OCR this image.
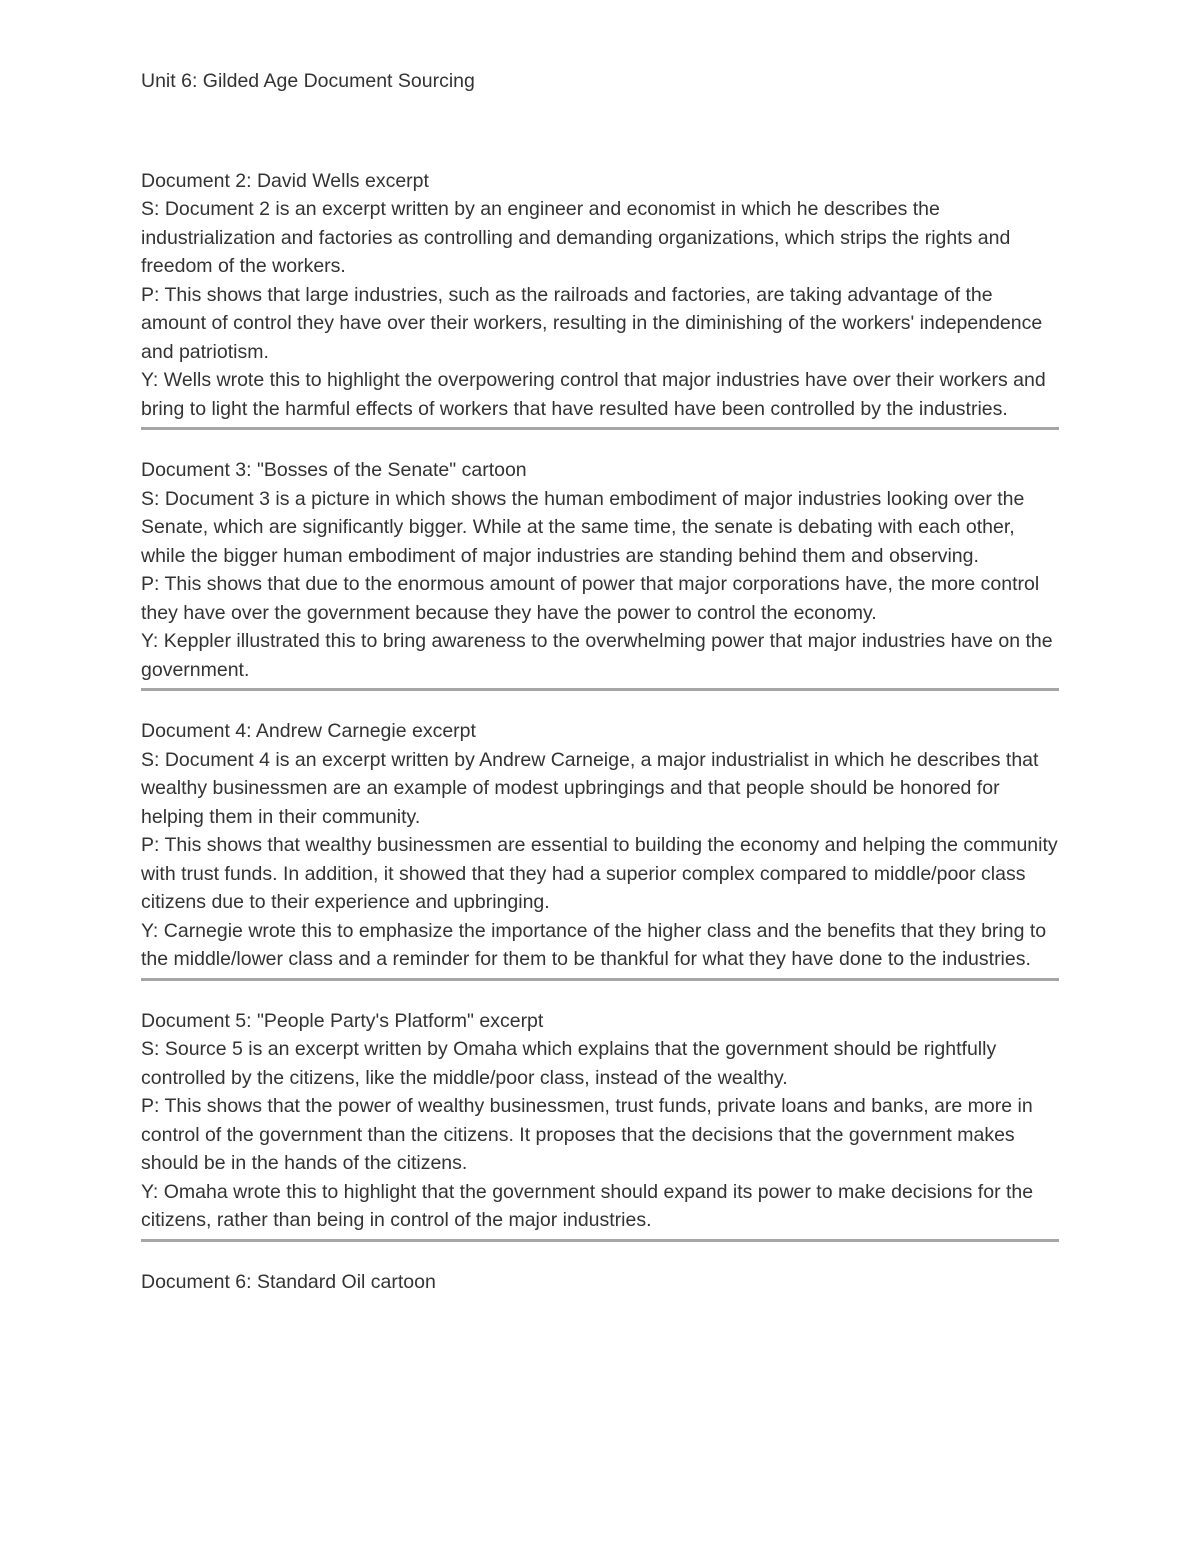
Unit 6: Gilded Age Document Sourcing

Document 2: David Wells excerpt

S: Document 2 is an excerpt written by an engineer and economist in which he describes the industrialization and factories as controlling and demanding organizations, which strips the rights and freedom of the workers.

P: This shows that large industries, such as the railroads and factories, are taking advantage of the amount of control they have over their workers, resulting in the diminishing of the workers' independence and patriotism.

Y: Wells wrote this to highlight the overpowering control that major industries have over their workers and bring to light the harmful effects of workers that have resulted have been controlled by the industries.

Document 3: "Bosses of the Senate" cartoon

S: Document 3 is a picture in which shows the human embodiment of major industries looking over the Senate, which are significantly bigger. While at the same time, the senate is debating with each other, while the bigger human embodiment of major industries are standing behind them and observing.

P: This shows that due to the enormous amount of power that major corporations have, the more control they have over the government because they have the power to control the economy.

Y: Keppler illustrated this to bring awareness to the overwhelming power that major industries have on the government.

Document 4: Andrew Carnegie excerpt

S: Document 4 is an excerpt written by Andrew Carneige, a major industrialist in which he describes that wealthy businessmen are an example of modest upbringings and that people should be honored for helping them in their community.

P: This shows that wealthy businessmen are essential to building the economy and helping the community with trust funds. In addition, it showed that they had a superior complex compared to middle/poor class citizens due to their experience and upbringing.

Y: Carnegie wrote this to emphasize the importance of the higher class and the benefits that they bring to the middle/lower class and a reminder for them to be thankful for what they have done to the industries.

Document 5: "People Party's Platform" excerpt

S: Source 5 is an excerpt written by Omaha which explains that the government should be rightfully controlled by the citizens, like the middle/poor class, instead of the wealthy.

P: This shows that the power of wealthy businessmen, trust funds, private loans and banks, are more in control of the government than the citizens. It proposes that the decisions that the government makes should be in the hands of the citizens.

Y: Omaha wrote this to highlight that the government should expand its power to make decisions for the citizens, rather than being in control of the major industries.

Document 6: Standard Oil cartoon
